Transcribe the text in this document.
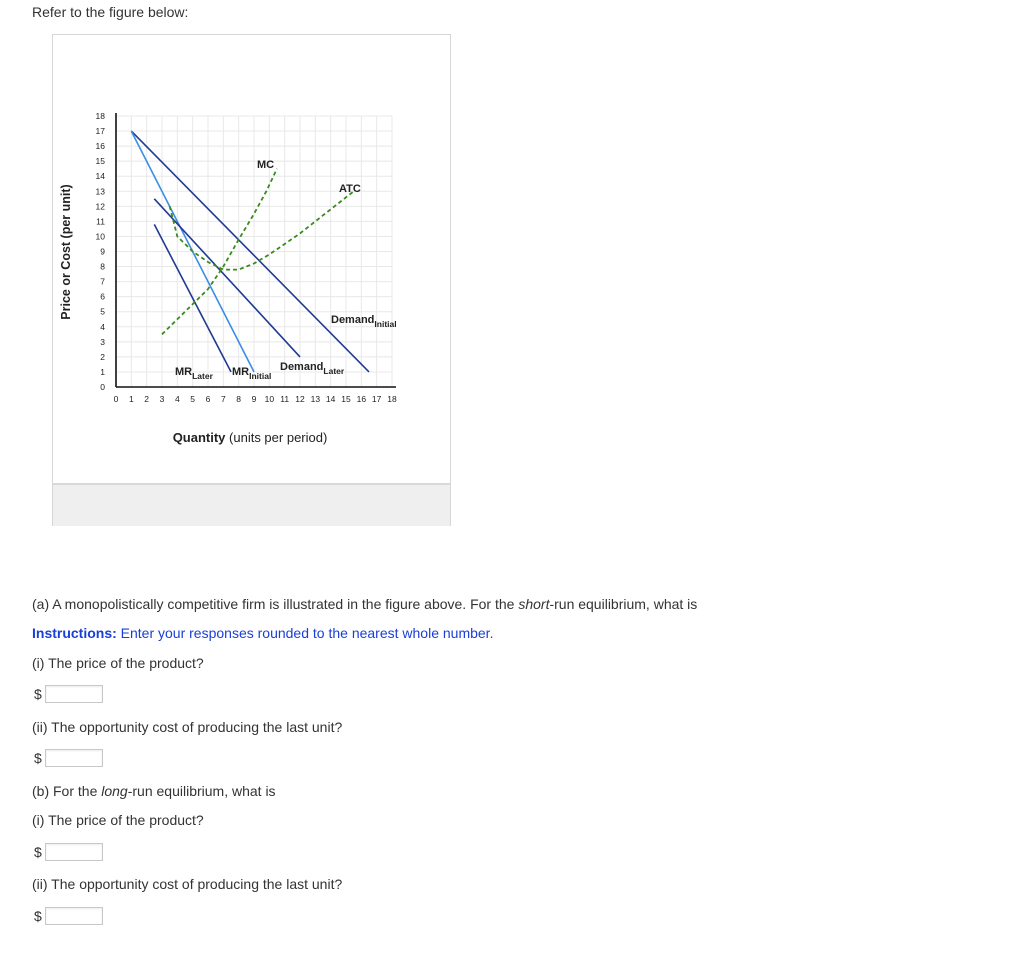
Refer to the figure below:
0
1
2
3
4
5
6
7
8
9
10
11
12
13
14
15
16
17
18
0 1 2 3 4 5 6 7 8 9 10 11 12 13 14 15 16 17 18
Price or Cost (per unit)
Quantity (units per period)
Demand$_{Initial}$
$MR_{Initial}$
Demand$_{Later}$
$MR_{Later}$
MC
ATC
(a) A monopolistically competitive firm is illustrated in the figure above. For the short-run equilibrium, what is
Instructions: Enter your responses rounded to the nearest whole number.
(i) The price of the product?
$
(ii) The opportunity cost of producing the last unit?
$
(b) For the long-run equilibrium, what is
(i) The price of the product?
$
(ii) The opportunity cost of producing the last unit?
$
